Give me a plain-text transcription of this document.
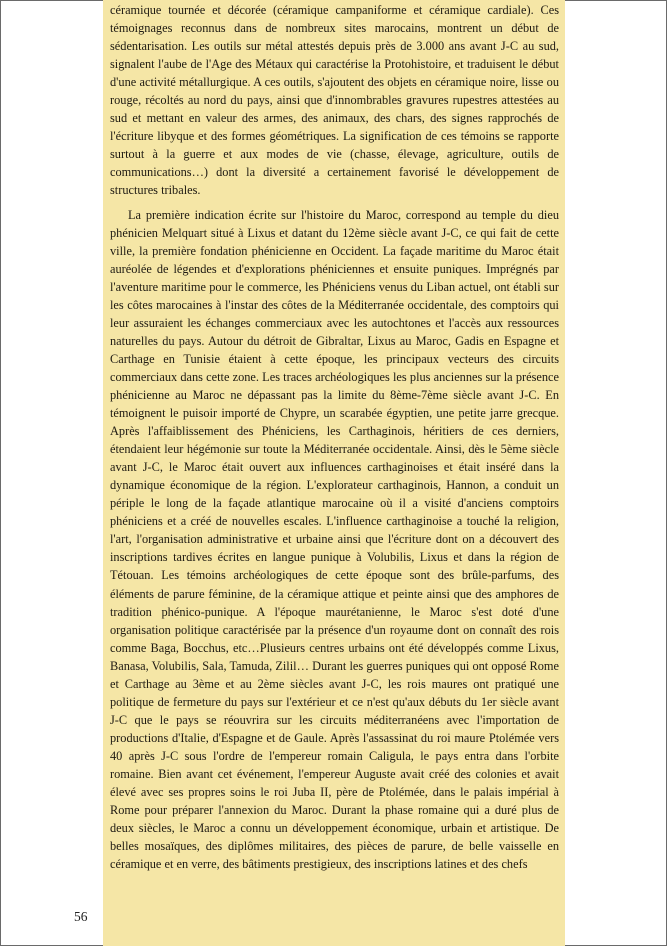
céramique tournée et décorée (céramique campaniforme et céramique cardiale). Ces témoignages reconnus dans de nombreux sites marocains, montrent un début de sédentarisation. Les outils sur métal attestés depuis près de 3.000 ans avant J-C au sud, signalent l'aube de l'Age des Métaux qui caractérise la Protohistoire, et traduisent le début d'une activité métallurgique. A ces outils, s'ajoutent des objets en céramique noire, lisse ou rouge, récoltés au nord du pays, ainsi que d'innombrables gravures rupestres attestées au sud et mettant en valeur des armes, des animaux, des chars, des signes rapprochés de l'écriture libyque et des formes géométriques. La signification de ces témoins se rapporte surtout à la guerre et aux modes de vie (chasse, élevage, agriculture, outils de communications…) dont la diversité a certainement favorisé le développement de structures tribales.

La première indication écrite sur l'histoire du Maroc, correspond au temple du dieu phénicien Melquart situé à Lixus et datant du 12ème siècle avant J-C, ce qui fait de cette ville, la première fondation phénicienne en Occident. La façade maritime du Maroc était auréolée de légendes et d'explorations phéniciennes et ensuite puniques. Imprégnés par l'aventure maritime pour le commerce, les Phéniciens venus du Liban actuel, ont établi sur les côtes marocaines à l'instar des côtes de la Méditerranée occidentale, des comptoirs qui leur assuraient les échanges commerciaux avec les autochtones et l'accès aux ressources naturelles du pays. Autour du détroit de Gibraltar, Lixus au Maroc, Gadis en Espagne et Carthage en Tunisie étaient à cette époque, les principaux vecteurs des circuits commerciaux dans cette zone. Les traces archéologiques les plus anciennes sur la présence phénicienne au Maroc ne dépassant pas la limite du 8ème-7ème siècle avant J-C. En témoignent le puisoir importé de Chypre, un scarabée égyptien, une petite jarre grecque. Après l'affaiblissement des Phéniciens, les Carthaginois, héritiers de ces derniers, étendaient leur hégémonie sur toute la Méditerranée occidentale. Ainsi, dès le 5ème siècle avant J-C, le Maroc était ouvert aux influences carthaginoises et était inséré dans la dynamique économique de la région. L'explorateur carthaginois, Hannon, a conduit un périple le long de la façade atlantique marocaine où il a visité d'anciens comptoirs phéniciens et a créé de nouvelles escales. L'influence carthaginoise a touché la religion, l'art, l'organisation administrative et urbaine ainsi que l'écriture dont on a découvert des inscriptions tardives écrites en langue punique à Volubilis, Lixus et dans la région de Tétouan. Les témoins archéologiques de cette époque sont des brûle-parfums, des éléments de parure féminine, de la céramique attique et peinte ainsi que des amphores de tradition phénico-punique. A l'époque maurétanienne, le Maroc s'est doté d'une organisation politique caractérisée par la présence d'un royaume dont on connaît des rois comme Baga, Bocchus, etc…Plusieurs centres urbains ont été développés comme Lixus, Banasa, Volubilis, Sala, Tamuda, Zilil… Durant les guerres puniques qui ont opposé Rome et Carthage au 3ème et au 2ème siècles avant J-C, les rois maures ont pratiqué une politique de fermeture du pays sur l'extérieur et ce n'est qu'aux débuts du 1er siècle avant J-C que le pays se réouvrira sur les circuits méditerranéens avec l'importation de productions d'Italie, d'Espagne et de Gaule. Après l'assassinat du roi maure Ptolémée vers 40 après J-C sous l'ordre de l'empereur romain Caligula, le pays entra dans l'orbite romaine. Bien avant cet événement, l'empereur Auguste avait créé des colonies et avait élevé avec ses propres soins le roi Juba II, père de Ptolémée, dans le palais impérial à Rome pour préparer l'annexion du Maroc. Durant la phase romaine qui a duré plus de deux siècles, le Maroc a connu un développement économique, urbain et artistique. De belles mosaïques, des diplômes militaires, des pièces de parure, de belle vaisselle en céramique et en verre, des bâtiments prestigieux, des inscriptions latines et des chefs

56
